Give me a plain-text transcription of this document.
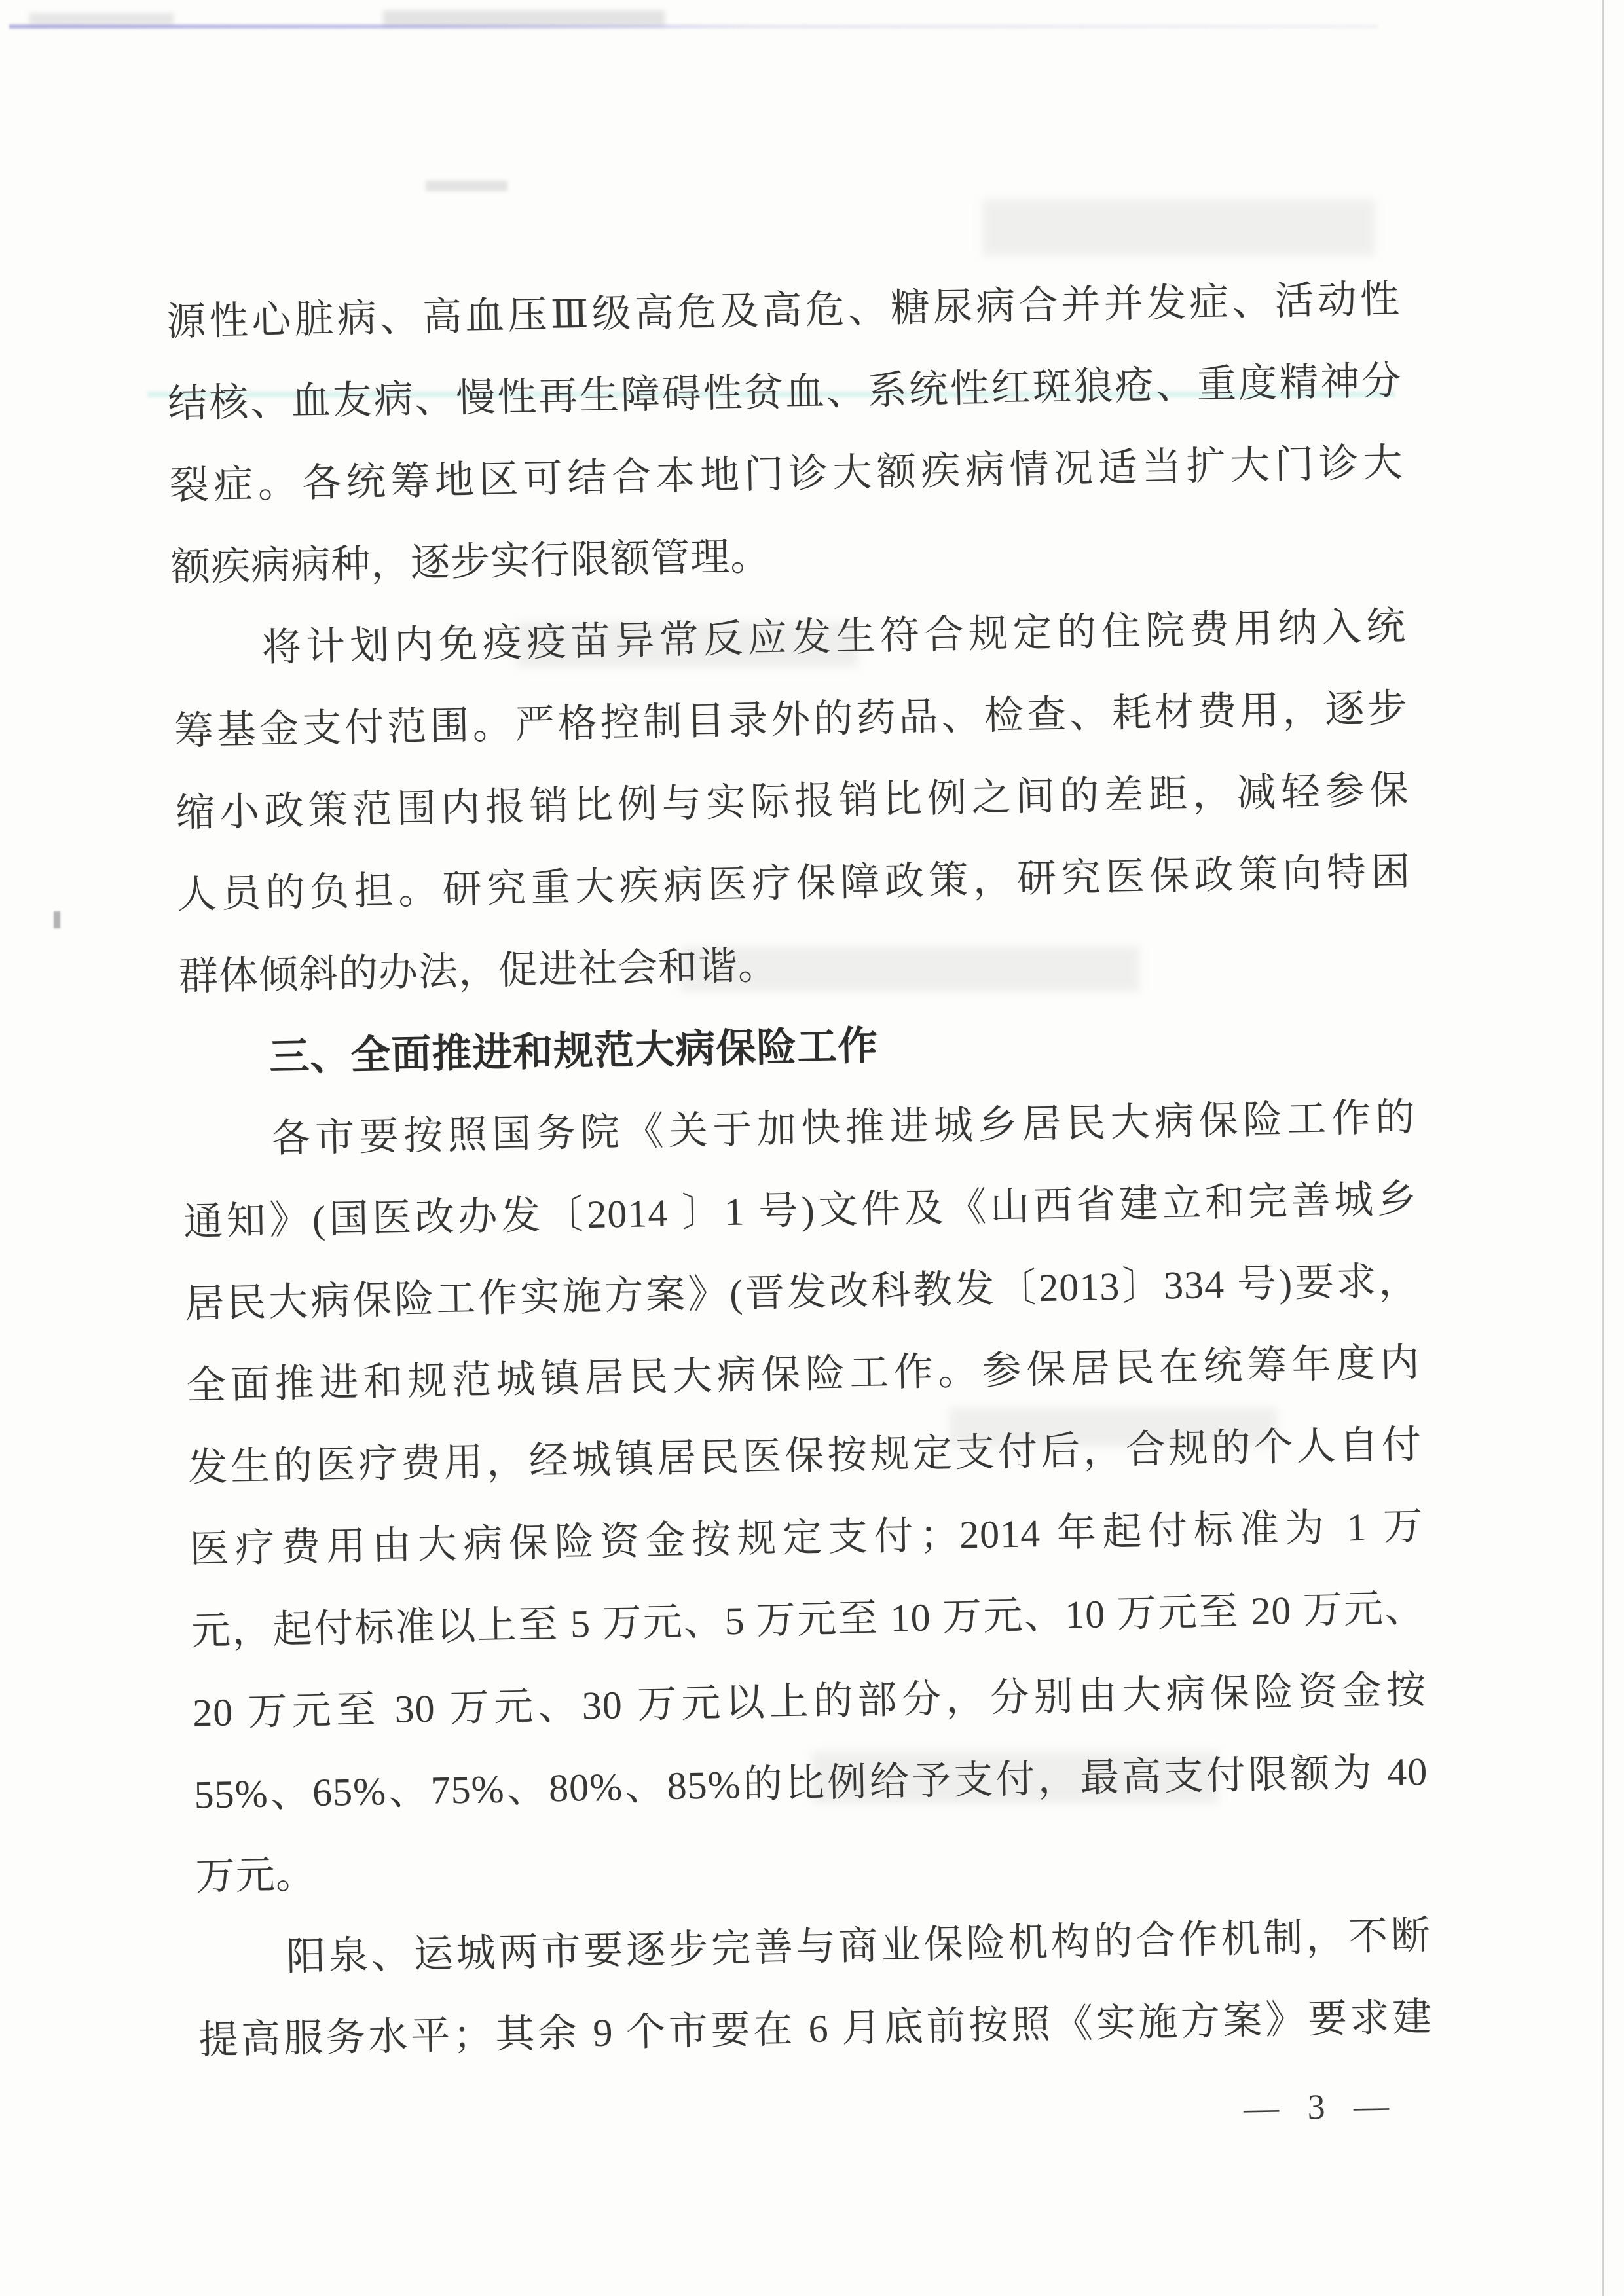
源性心脏病、高血压Ⅲ级高危及高危、糖尿病合并并发症、活动性
结核、血友病、慢性再生障碍性贫血、系统性红斑狼疮、重度精神分
裂症。各统筹地区可结合本地门诊大额疾病情况适当扩大门诊大
额疾病病种，逐步实行限额管理。
将计划内免疫疫苗异常反应发生符合规定的住院费用纳入统
筹基金支付范围。严格控制目录外的药品、检查、耗材费用，逐步
缩小政策范围内报销比例与实际报销比例之间的差距，减轻参保
人员的负担。研究重大疾病医疗保障政策，研究医保政策向特困
群体倾斜的办法，促进社会和谐。
三、全面推进和规范大病保险工作
各市要按照国务院《关于加快推进城乡居民大病保险工作的
通知》(国医改办发〔2014 〕1 号)文件及《山西省建立和完善城乡
居民大病保险工作实施方案》(晋发改科教发〔2013〕334 号)要求，
全面推进和规范城镇居民大病保险工作。参保居民在统筹年度内
发生的医疗费用，经城镇居民医保按规定支付后，合规的个人自付
医疗费用由大病保险资金按规定支付；2014 年起付标准为 1 万
元，起付标准以上至 5 万元、5 万元至 10 万元、10 万元至 20 万元、
20 万元至 30 万元、30 万元以上的部分，分别由大病保险资金按
55%、65%、75%、80%、85%的比例给予支付，最高支付限额为 40
万元。
阳泉、运城两市要逐步完善与商业保险机构的合作机制，不断
提高服务水平；其余 9 个市要在 6 月底前按照《实施方案》要求建
— 3 —
